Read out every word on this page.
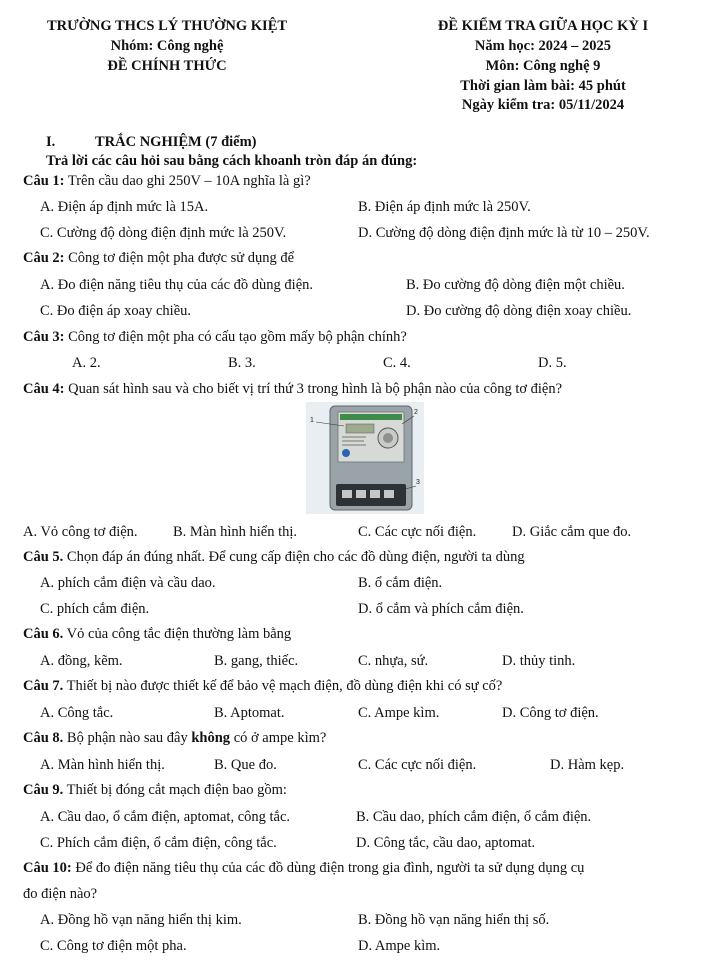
TRƯỜNG THCS LÝ THƯỜNG KIỆT
Nhóm: Công nghệ
ĐỀ CHÍNH THỨC
ĐỀ KIỂM TRA GIỮA HỌC KỲ I
Năm học: 2024 – 2025
Môn: Công nghệ 9
Thời gian làm bài: 45 phút
Ngày kiểm tra: 05/11/2024
I.	TRẮC NGHIỆM (7 điểm)
Trả lời các câu hỏi sau bằng cách khoanh tròn đáp án đúng:
Câu 1: Trên cầu dao ghi 250V – 10A nghĩa là gì?
A. Điện áp định mức là 15A.	B. Điện áp định mức là 250V.
C. Cường độ dòng điện định mức là 250V.	D. Cường độ dòng điện định mức là từ 10 – 250V.
Câu 2: Công tơ điện một pha được sử dụng để
A. Đo điện năng tiêu thụ của các đồ dùng điện.	B. Đo cường độ dòng điện một chiều.
C. Đo điện áp xoay chiều.	D. Đo cường độ dòng điện xoay chiều.
Câu 3: Công tơ điện một pha có cấu tạo gồm mấy bộ phận chính?
A. 2.	B. 3.	C. 4.	D. 5.
Câu 4: Quan sát hình sau và cho biết vị trí thứ 3 trong hình là bộ phận nào của công tơ điện?
1
2
3
A. Vỏ công tơ điện. B. Màn hình hiển thị.	C. Các cực nối điện. D. Giắc cắm que đo.
Câu 5. Chọn đáp án đúng nhất. Để cung cấp điện cho các đồ dùng điện, người ta dùng
A. phích cắm điện và cầu dao.	B. ổ cắm điện.
C. phích cắm điện.	D. ổ cắm và phích cắm điện.
Câu 6. Vỏ của công tắc điện thường làm bằng
A. đồng, kẽm.	B. gang, thiếc.	C. nhựa, sứ.	D. thủy tinh.
Câu 7. Thiết bị nào được thiết kế để bảo vệ mạch điện, đồ dùng điện khi có sự cố?
A. Công tắc.	B. Aptomat.	C. Ampe kìm.	D. Công tơ điện.
Câu 8. Bộ phận nào sau đây không có ở ampe kìm?
A. Màn hình hiển thị.	B. Que đo.	C. Các cực nối điện.	D. Hàm kẹp.
Câu 9. Thiết bị đóng cắt mạch điện bao gồm:
A. Cầu dao, ổ cắm điện, aptomat, công tắc.	B. Cầu dao, phích cắm điện, ổ cắm điện.
C. Phích cắm điện, ổ cắm điện, công tắc.	D. Công tắc, cầu dao, aptomat.
Câu 10: Để đo điện năng tiêu thụ của các đồ dùng điện trong gia đình, người ta sử dụng dụng cụ
đo điện nào?
A. Đồng hồ vạn năng hiển thị kim.	B. Đồng hồ vạn năng hiển thị số.
C. Công tơ điện một pha.	D. Ampe kìm.
